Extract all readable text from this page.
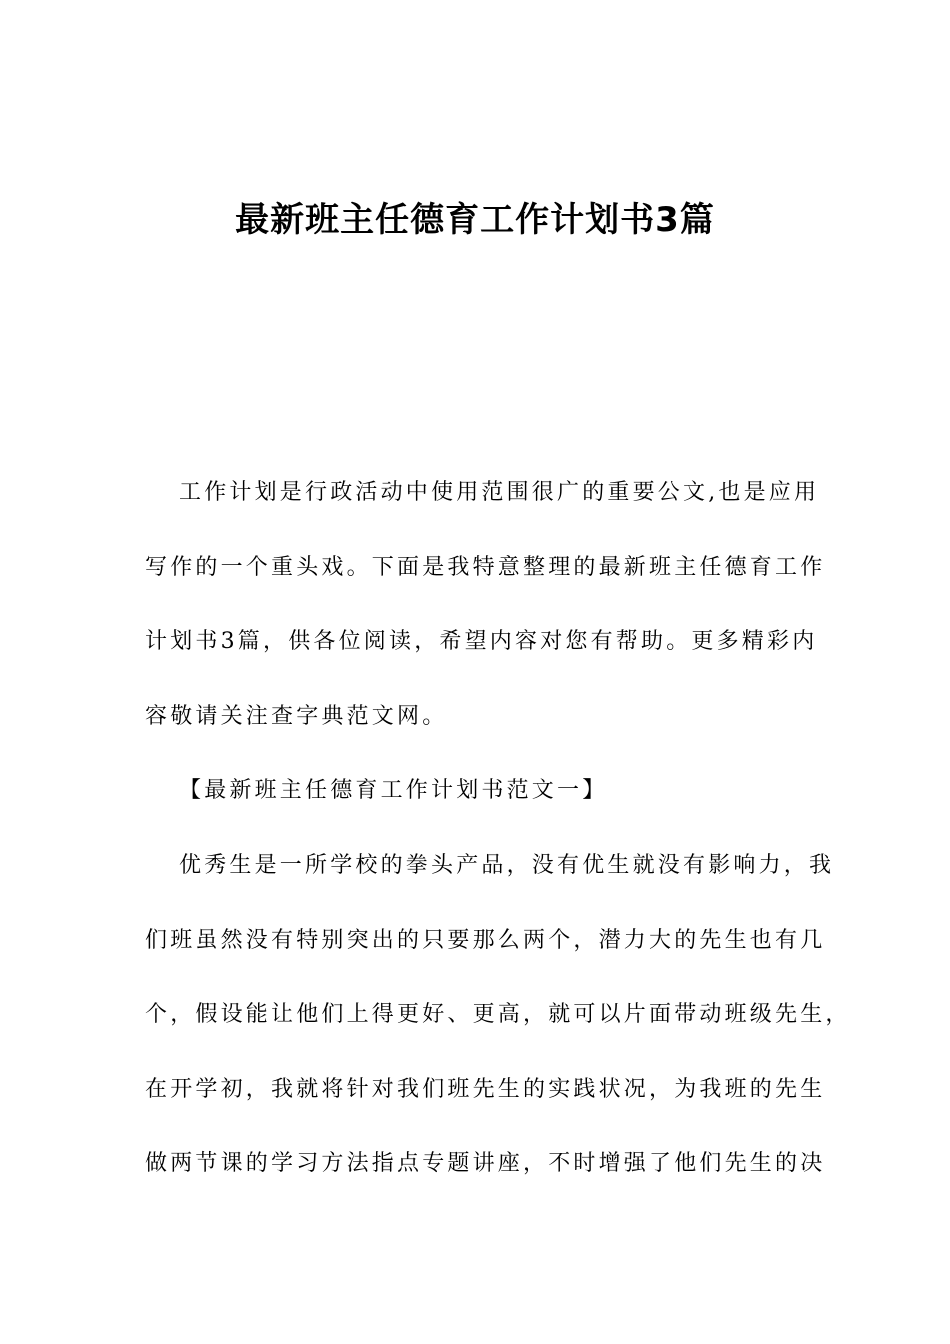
最新班主任德育工作计划书3篇
工作计划是行政活动中使用范围很广的重要公文,也是应用
写作的一个重头戏。下面是我特意整理的最新班主任德育工作
计划书3篇，供各位阅读，希望内容对您有帮助。更多精彩内
容敬请关注查字典范文网。
【最新班主任德育工作计划书范文一】
优秀生是一所学校的拳头产品，没有优生就没有影响力，我
们班虽然没有特别突出的只要那么两个，潜力大的先生也有几
个，假设能让他们上得更好、更高，就可以片面带动班级先生，
在开学初，我就将针对我们班先生的实践状况，为我班的先生
做两节课的学习方法指点专题讲座，不时增强了他们先生的决
